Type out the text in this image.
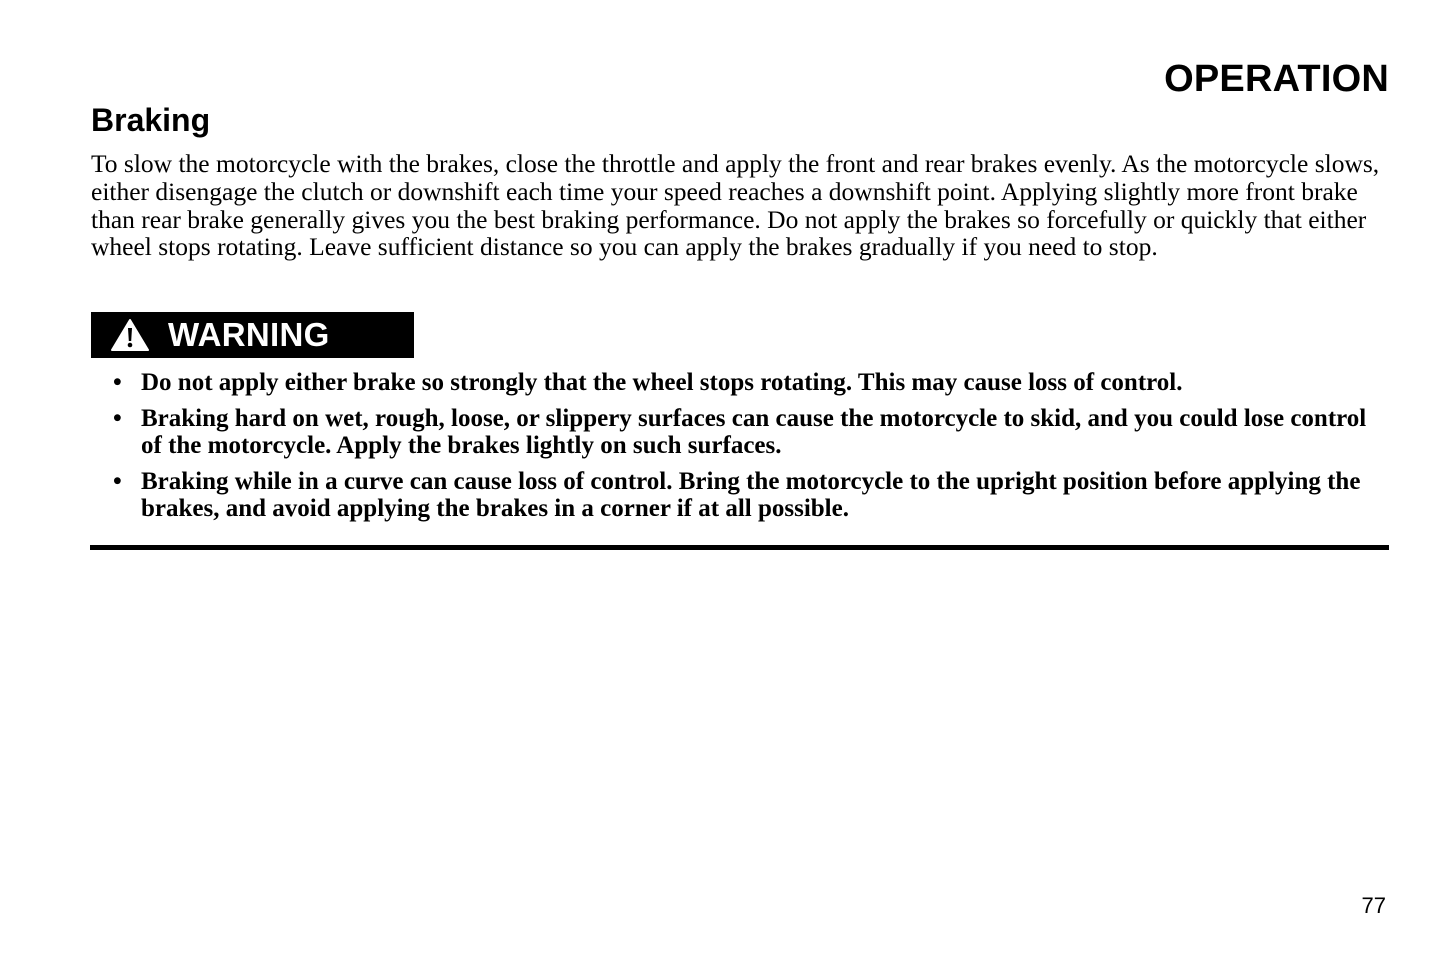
OPERATION
Braking

To slow the motorcycle with the brakes, close the throttle and apply the front and rear brakes evenly. As the motorcycle slows, either disengage the clutch or downshift each time your speed reaches a downshift point. Applying slightly more front brake than rear brake generally gives you the best braking performance. Do not apply the brakes so forcefully or quickly that either wheel stops rotating. Leave sufficient distance so you can apply the brakes gradually if you need to stop.

WARNING
• Do not apply either brake so strongly that the wheel stops rotating. This may cause loss of control.
• Braking hard on wet, rough, loose, or slippery surfaces can cause the motorcycle to skid, and you could lose control of the motorcycle. Apply the brakes lightly on such surfaces.
• Braking while in a curve can cause loss of control. Bring the motorcycle to the upright position before applying the brakes, and avoid applying the brakes in a corner if at all possible.

77
